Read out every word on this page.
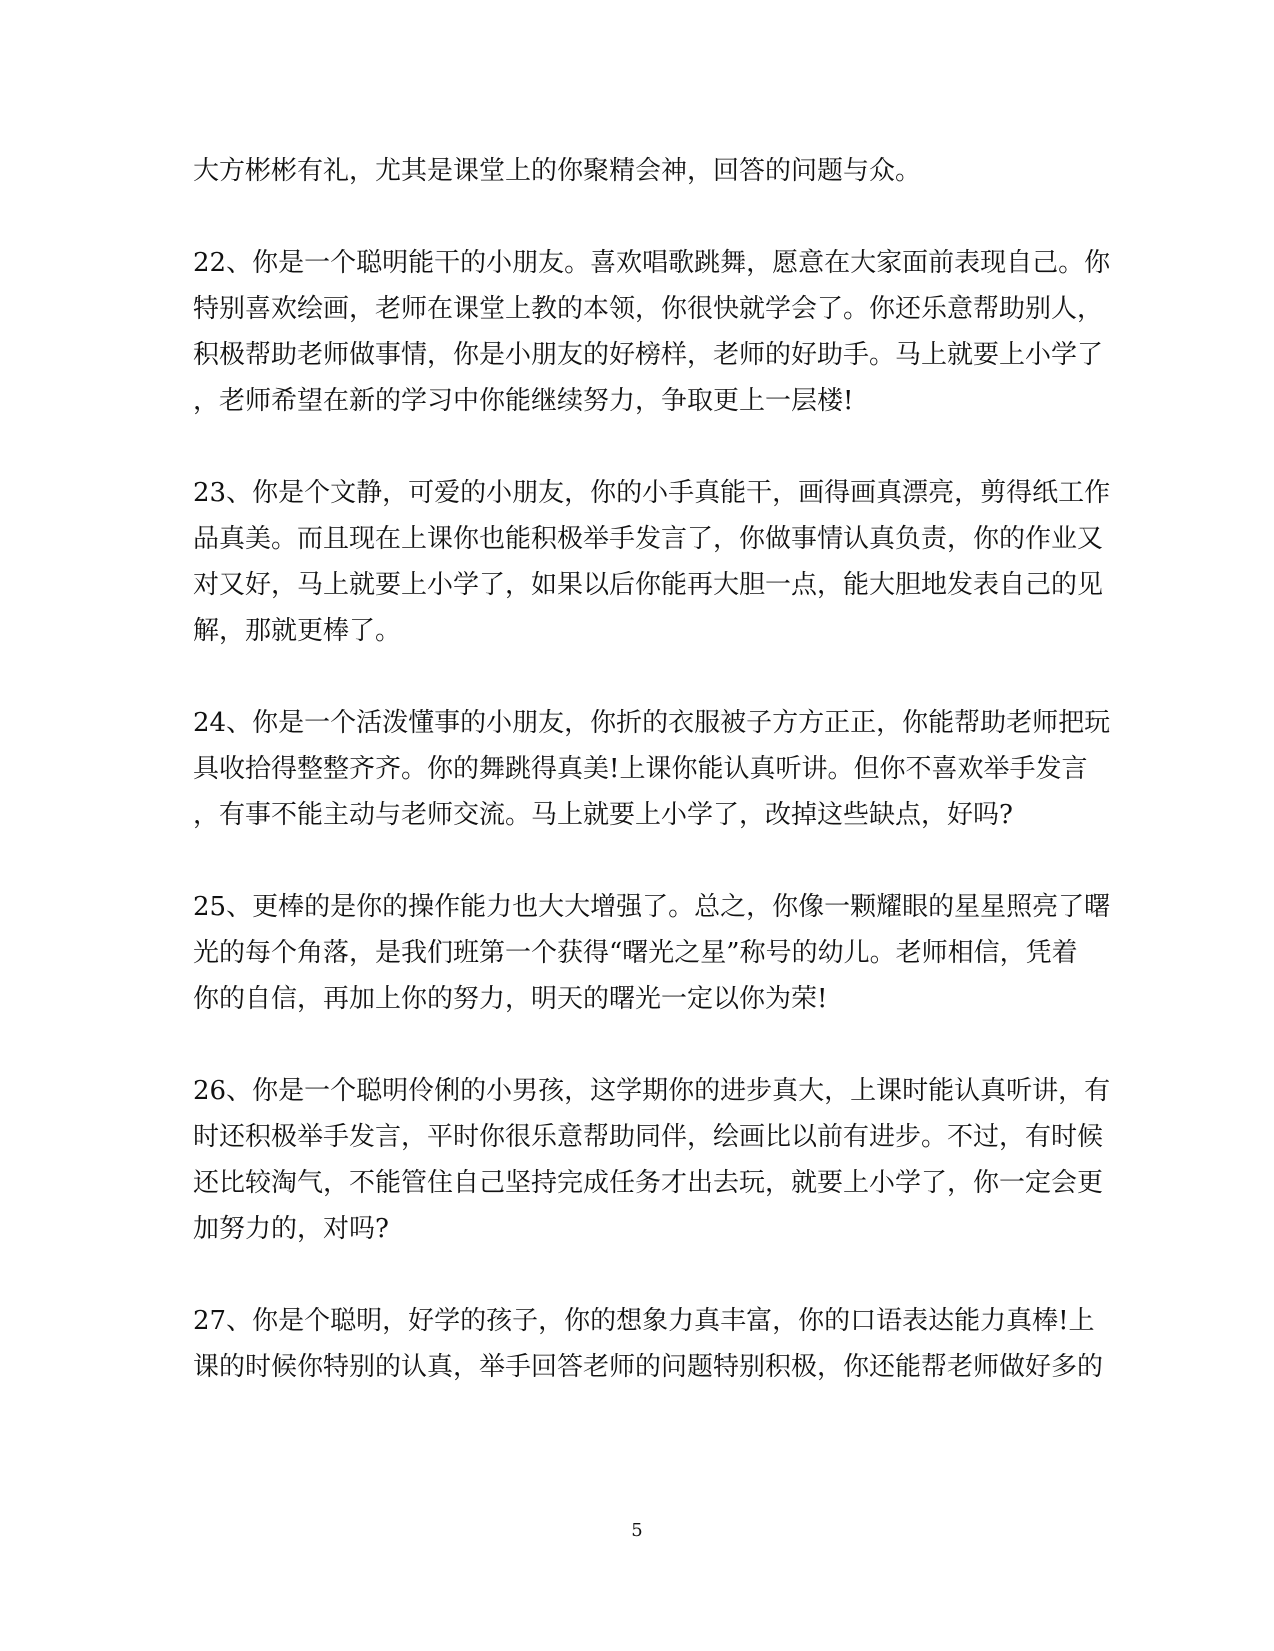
大方彬彬有礼，尤其是课堂上的你聚精会神，回答的问题与众。
22、你是一个聪明能干的小朋友。喜欢唱歌跳舞，愿意在大家面前表现自己。你
特别喜欢绘画，老师在课堂上教的本领，你很快就学会了。你还乐意帮助别人，
积极帮助老师做事情，你是小朋友的好榜样，老师的好助手。马上就要上小学了
，老师希望在新的学习中你能继续努力，争取更上一层楼!
23、你是个文静，可爱的小朋友，你的小手真能干，画得画真漂亮，剪得纸工作
品真美。而且现在上课你也能积极举手发言了，你做事情认真负责，你的作业又
对又好，马上就要上小学了，如果以后你能再大胆一点，能大胆地发表自己的见
解，那就更棒了。
24、你是一个活泼懂事的小朋友，你折的衣服被子方方正正，你能帮助老师把玩
具收拾得整整齐齐。你的舞跳得真美!上课你能认真听讲。但你不喜欢举手发言
，有事不能主动与老师交流。马上就要上小学了，改掉这些缺点，好吗?
25、更棒的是你的操作能力也大大增强了。总之，你像一颗耀眼的星星照亮了曙
光的每个角落，是我们班第一个获得“曙光之星”称号的幼儿。老师相信，凭着
你的自信，再加上你的努力，明天的曙光一定以你为荣!
26、你是一个聪明伶俐的小男孩，这学期你的进步真大，上课时能认真听讲，有
时还积极举手发言，平时你很乐意帮助同伴，绘画比以前有进步。不过，有时候
还比较淘气，不能管住自己坚持完成任务才出去玩，就要上小学了，你一定会更
加努力的，对吗?
27、你是个聪明，好学的孩子，你的想象力真丰富，你的口语表达能力真棒!上
课的时候你特别的认真，举手回答老师的问题特别积极，你还能帮老师做好多的
5
